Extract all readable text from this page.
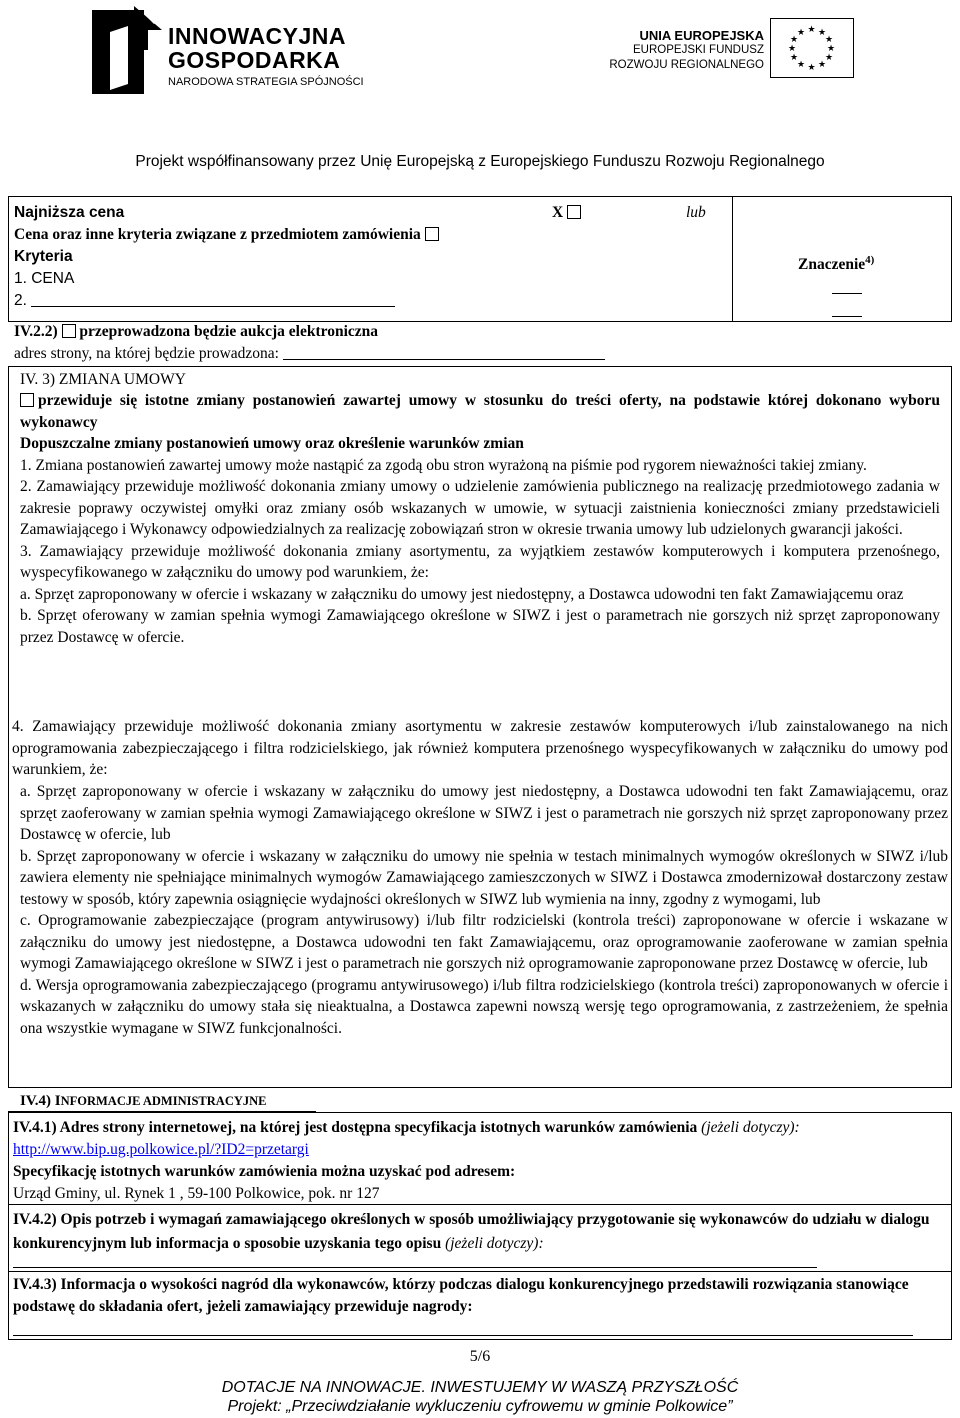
INNOWACYJNA
GOSPODARKA
NARODOWA STRATEGIA SPÓJNOŚCI
UNIA EUROPEJSKA
EUROPEJSKI FUNDUSZ
ROZWOJU REGIONALNEGO
★ ★
★
★
★
★
★
★
★
★
★
★
Projekt współfinansowany przez Unię Europejską z Europejskiego Funduszu Rozwoju Regionalnego
Najniższa cena
Cena oraz inne kryteria związane z przedmiotem zamówienia
Kryteria
1. CENA
2.
X	lub
Znaczenie$^{4)}$
IV.2.2) przeprowadzona będzie aukcja elektroniczna
adres strony, na której będzie prowadzona:
IV. 3) ZMIANA UMOWY

przewiduje się istotne zmiany postanowień zawartej umowy w stosunku do treści oferty, na podstawie której dokonano wyboru wykonawcy

Dopuszczalne zmiany postanowień umowy oraz określenie warunków zmian

1. Zmiana postanowień zawartej umowy może nastąpić za zgodą obu stron wyrażoną na piśmie pod rygorem nieważności takiej zmiany.

2. Zamawiający przewiduje możliwość dokonania zmiany umowy o udzielenie zamówienia publicznego na realizację przedmiotowego zadania w zakresie poprawy oczywistej omyłki oraz zmiany osób wskazanych w umowie, w sytuacji zaistnienia konieczności zmiany przedstawicieli Zamawiającego i Wykonawcy odpowiedzialnych za realizację zobowiązań stron w okresie trwania umowy lub udzielonych gwarancji jakości.

3. Zamawiający przewiduje możliwość dokonania zmiany asortymentu, za wyjątkiem zestawów komputerowych i komputera przenośnego, wyspecyfikowanego w załączniku do umowy pod warunkiem, że:

a. Sprzęt zaproponowany w ofercie i wskazany w załączniku do umowy jest niedostępny, a Dostawca udowodni ten fakt Zamawiającemu oraz

b. Sprzęt oferowany w zamian spełnia wymogi Zamawiającego określone w SIWZ i jest o parametrach nie gorszych niż sprzęt zaproponowany przez Dostawcę w ofercie.

4. Zamawiający przewiduje możliwość dokonania zmiany asortymentu w zakresie zestawów komputerowych i/lub zainstalowanego na nich oprogramowania zabezpieczającego i filtra rodzicielskiego, jak również komputera przenośnego wyspecyfikowanych w załączniku do umowy pod warunkiem, że:

a. Sprzęt zaproponowany w ofercie i wskazany w załączniku do umowy jest niedostępny, a Dostawca udowodni ten fakt Zamawiającemu, oraz sprzęt zaoferowany w zamian spełnia wymogi Zamawiającego określone w SIWZ i jest o parametrach nie gorszych niż sprzęt zaproponowany przez Dostawcę w ofercie, lub

b. Sprzęt zaproponowany w ofercie i wskazany w załączniku do umowy nie spełnia w testach minimalnych wymogów określonych w SIWZ i/lub zawiera elementy nie spełniające minimalnych wymogów Zamawiającego zamieszczonych w SIWZ i Dostawca zmodernizował dostarczony zestaw testowy w sposób, który zapewnia osiągnięcie wydajności określonych w SIWZ lub wymienia na inny, zgodny z wymogami, lub

c. Oprogramowanie zabezpieczające (program antywirusowy) i/lub filtr rodzicielski (kontrola treści) zaproponowane w ofercie i wskazane w załączniku do umowy jest niedostępne, a Dostawca udowodni ten fakt Zamawiającemu, oraz oprogramowanie zaoferowane w zamian spełnia wymogi Zamawiającego określone w SIWZ i jest o parametrach nie gorszych niż oprogramowanie zaproponowane przez Dostawcę w ofercie, lub

d. Wersja oprogramowania zabezpieczającego (programu antywirusowego) i/lub filtra rodzicielskiego (kontrola treści) zaproponowanych w ofercie i wskazanych w załączniku do umowy stała się nieaktualna, a Dostawca zapewni nowszą wersję tego oprogramowania, z zastrzeżeniem, że spełnia ona wszystkie wymagane w SIWZ funkcjonalności.

IV.4) INFORMACJE ADMINISTRACYJNE

IV.4.1) Adres strony internetowej, na której jest dostępna specyfikacja istotnych warunków zamówienia (jeżeli dotyczy): http://www.bip.ug.polkowice.pl/?ID2=przetargi

Specyfikację istotnych warunków zamówienia można uzyskać pod adresem:

Urząd Gminy, ul. Rynek 1 , 59-100 Polkowice, pok. nr 127

IV.4.2) Opis potrzeb i wymagań zamawiającego określonych w sposób umożliwiający przygotowanie się wykonawców do udziału w dialogu konkurencyjnym lub informacja o sposobie uzyskania tego opisu (jeżeli dotyczy):

IV.4.3) Informacja o wysokości nagród dla wykonawców, którzy podczas dialogu konkurencyjnego przedstawili rozwiązania stanowiące podstawę do składania ofert, jeżeli zamawiający przewiduje nagrody:

5/6
DOTACJE NA INNOWACJE. INWESTUJEMY W WASZĄ PRZYSZŁOŚĆ
Projekt: „Przeciwdziałanie wykluczeniu cyfrowemu w gminie Polkowice”
